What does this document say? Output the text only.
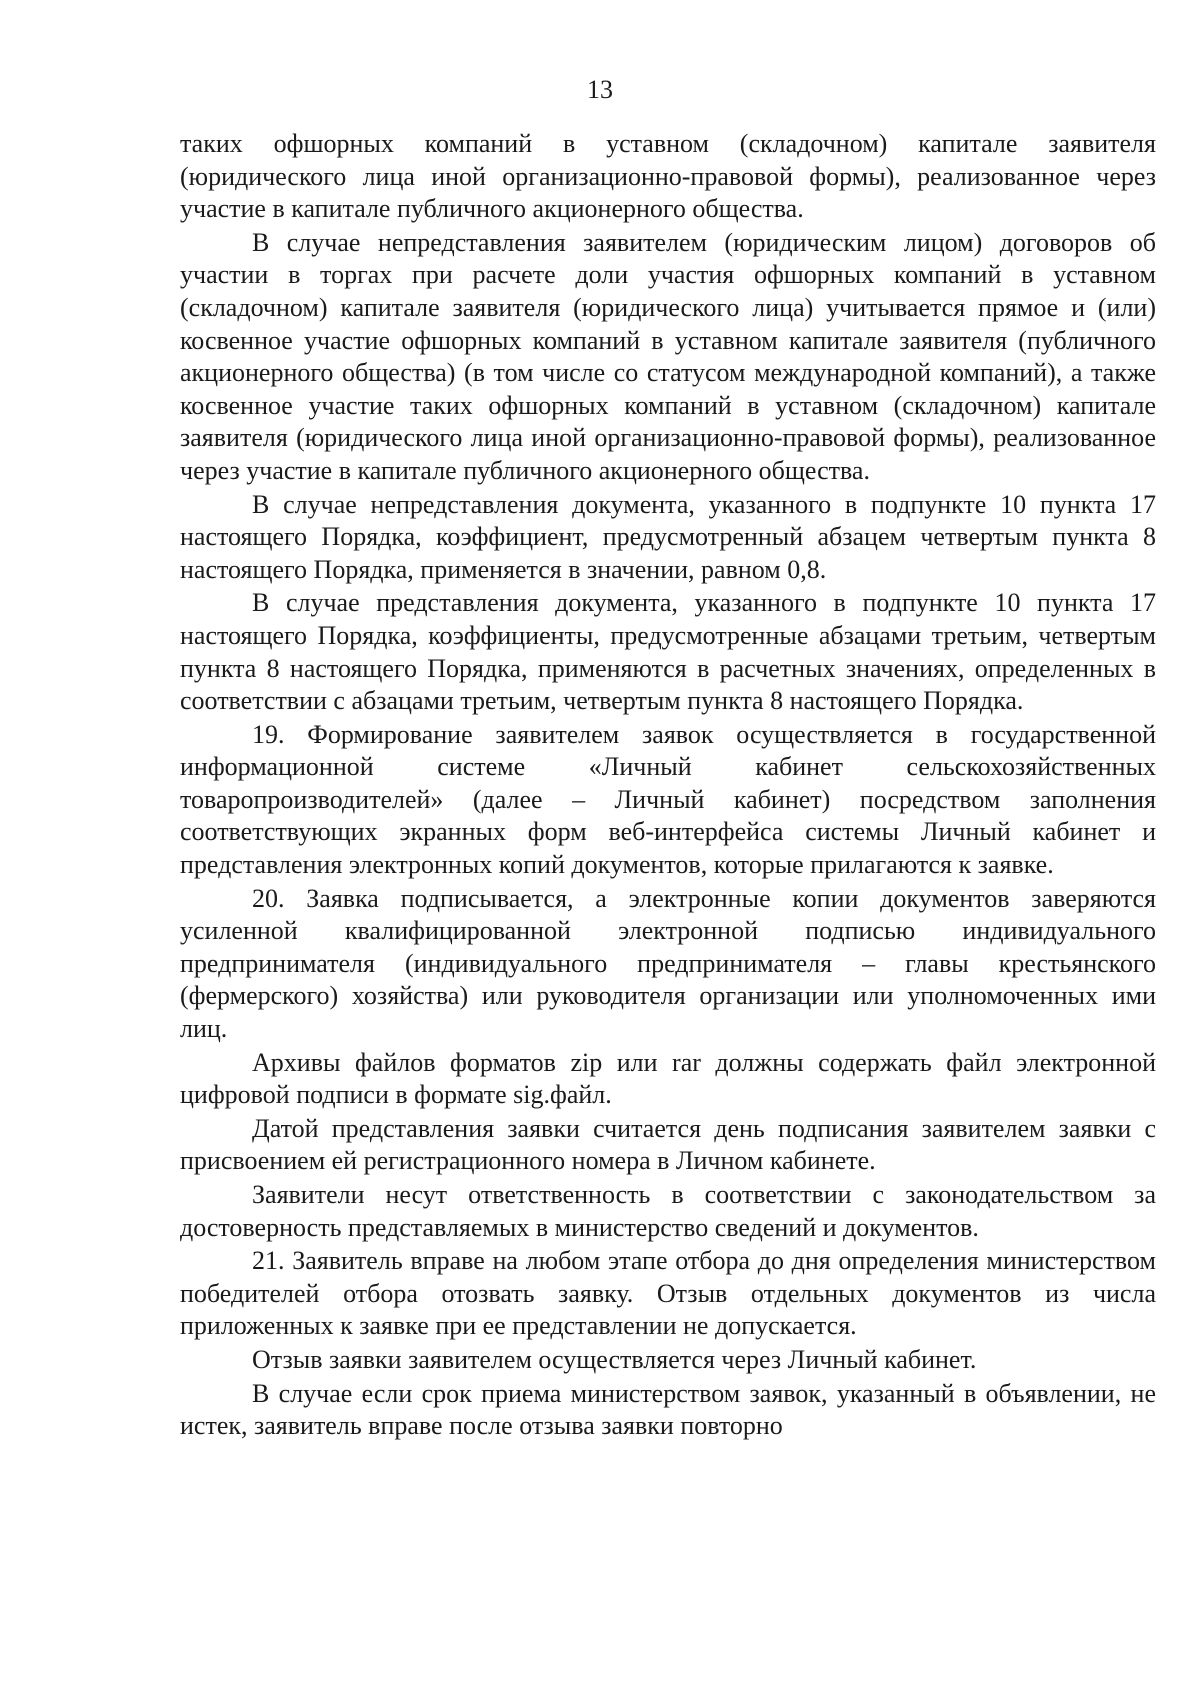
13

таких офшорных компаний в уставном (складочном) капитале заявителя (юридического лица иной организационно-правовой формы), реализованное через участие в капитале публичного акционерного общества.

В случае непредставления заявителем (юридическим лицом) договоров об участии в торгах при расчете доли участия офшорных компаний в уставном (складочном) капитале заявителя (юридического лица) учитывается прямое и (или) косвенное участие офшорных компаний в уставном капитале заявителя (публичного акционерного общества) (в том числе со статусом международной компаний), а также косвенное участие таких офшорных компаний в уставном (складочном) капитале заявителя (юридического лица иной организационно-правовой формы), реализованное через участие в капитале публичного акционерного общества.

В случае непредставления документа, указанного в подпункте 10 пункта 17 настоящего Порядка, коэффициент, предусмотренный абзацем четвертым пункта 8 настоящего Порядка, применяется в значении, равном 0,8.

В случае представления документа, указанного в подпункте 10 пункта 17 настоящего Порядка, коэффициенты, предусмотренные абзацами третьим, четвертым пункта 8 настоящего Порядка, применяются в расчетных значениях, определенных в соответствии с абзацами третьим, четвертым пункта 8 настоящего Порядка.

19. Формирование заявителем заявок осуществляется в государственной информационной системе «Личный кабинет сельскохозяйственных товаропроизводителей» (далее – Личный кабинет) посредством заполнения соответствующих экранных форм веб-интерфейса системы Личный кабинет и представления электронных копий документов, которые прилагаются к заявке.

20. Заявка подписывается, а электронные копии документов заверяются усиленной квалифицированной электронной подписью индивидуального предпринимателя (индивидуального предпринимателя – главы крестьянского (фермерского) хозяйства) или руководителя организации или уполномоченных ими лиц.

Архивы файлов форматов zip или rar должны содержать файл электронной цифровой подписи в формате sig.файл.

Датой представления заявки считается день подписания заявителем заявки с присвоением ей регистрационного номера в Личном кабинете.

Заявители несут ответственность в соответствии с законодательством за достоверность представляемых в министерство сведений и документов.

21. Заявитель вправе на любом этапе отбора до дня определения министерством победителей отбора отозвать заявку. Отзыв отдельных документов из числа приложенных к заявке при ее представлении не допускается.

Отзыв заявки заявителем осуществляется через Личный кабинет.

В случае если срок приема министерством заявок, указанный в объявлении, не истек, заявитель вправе после отзыва заявки повторно
